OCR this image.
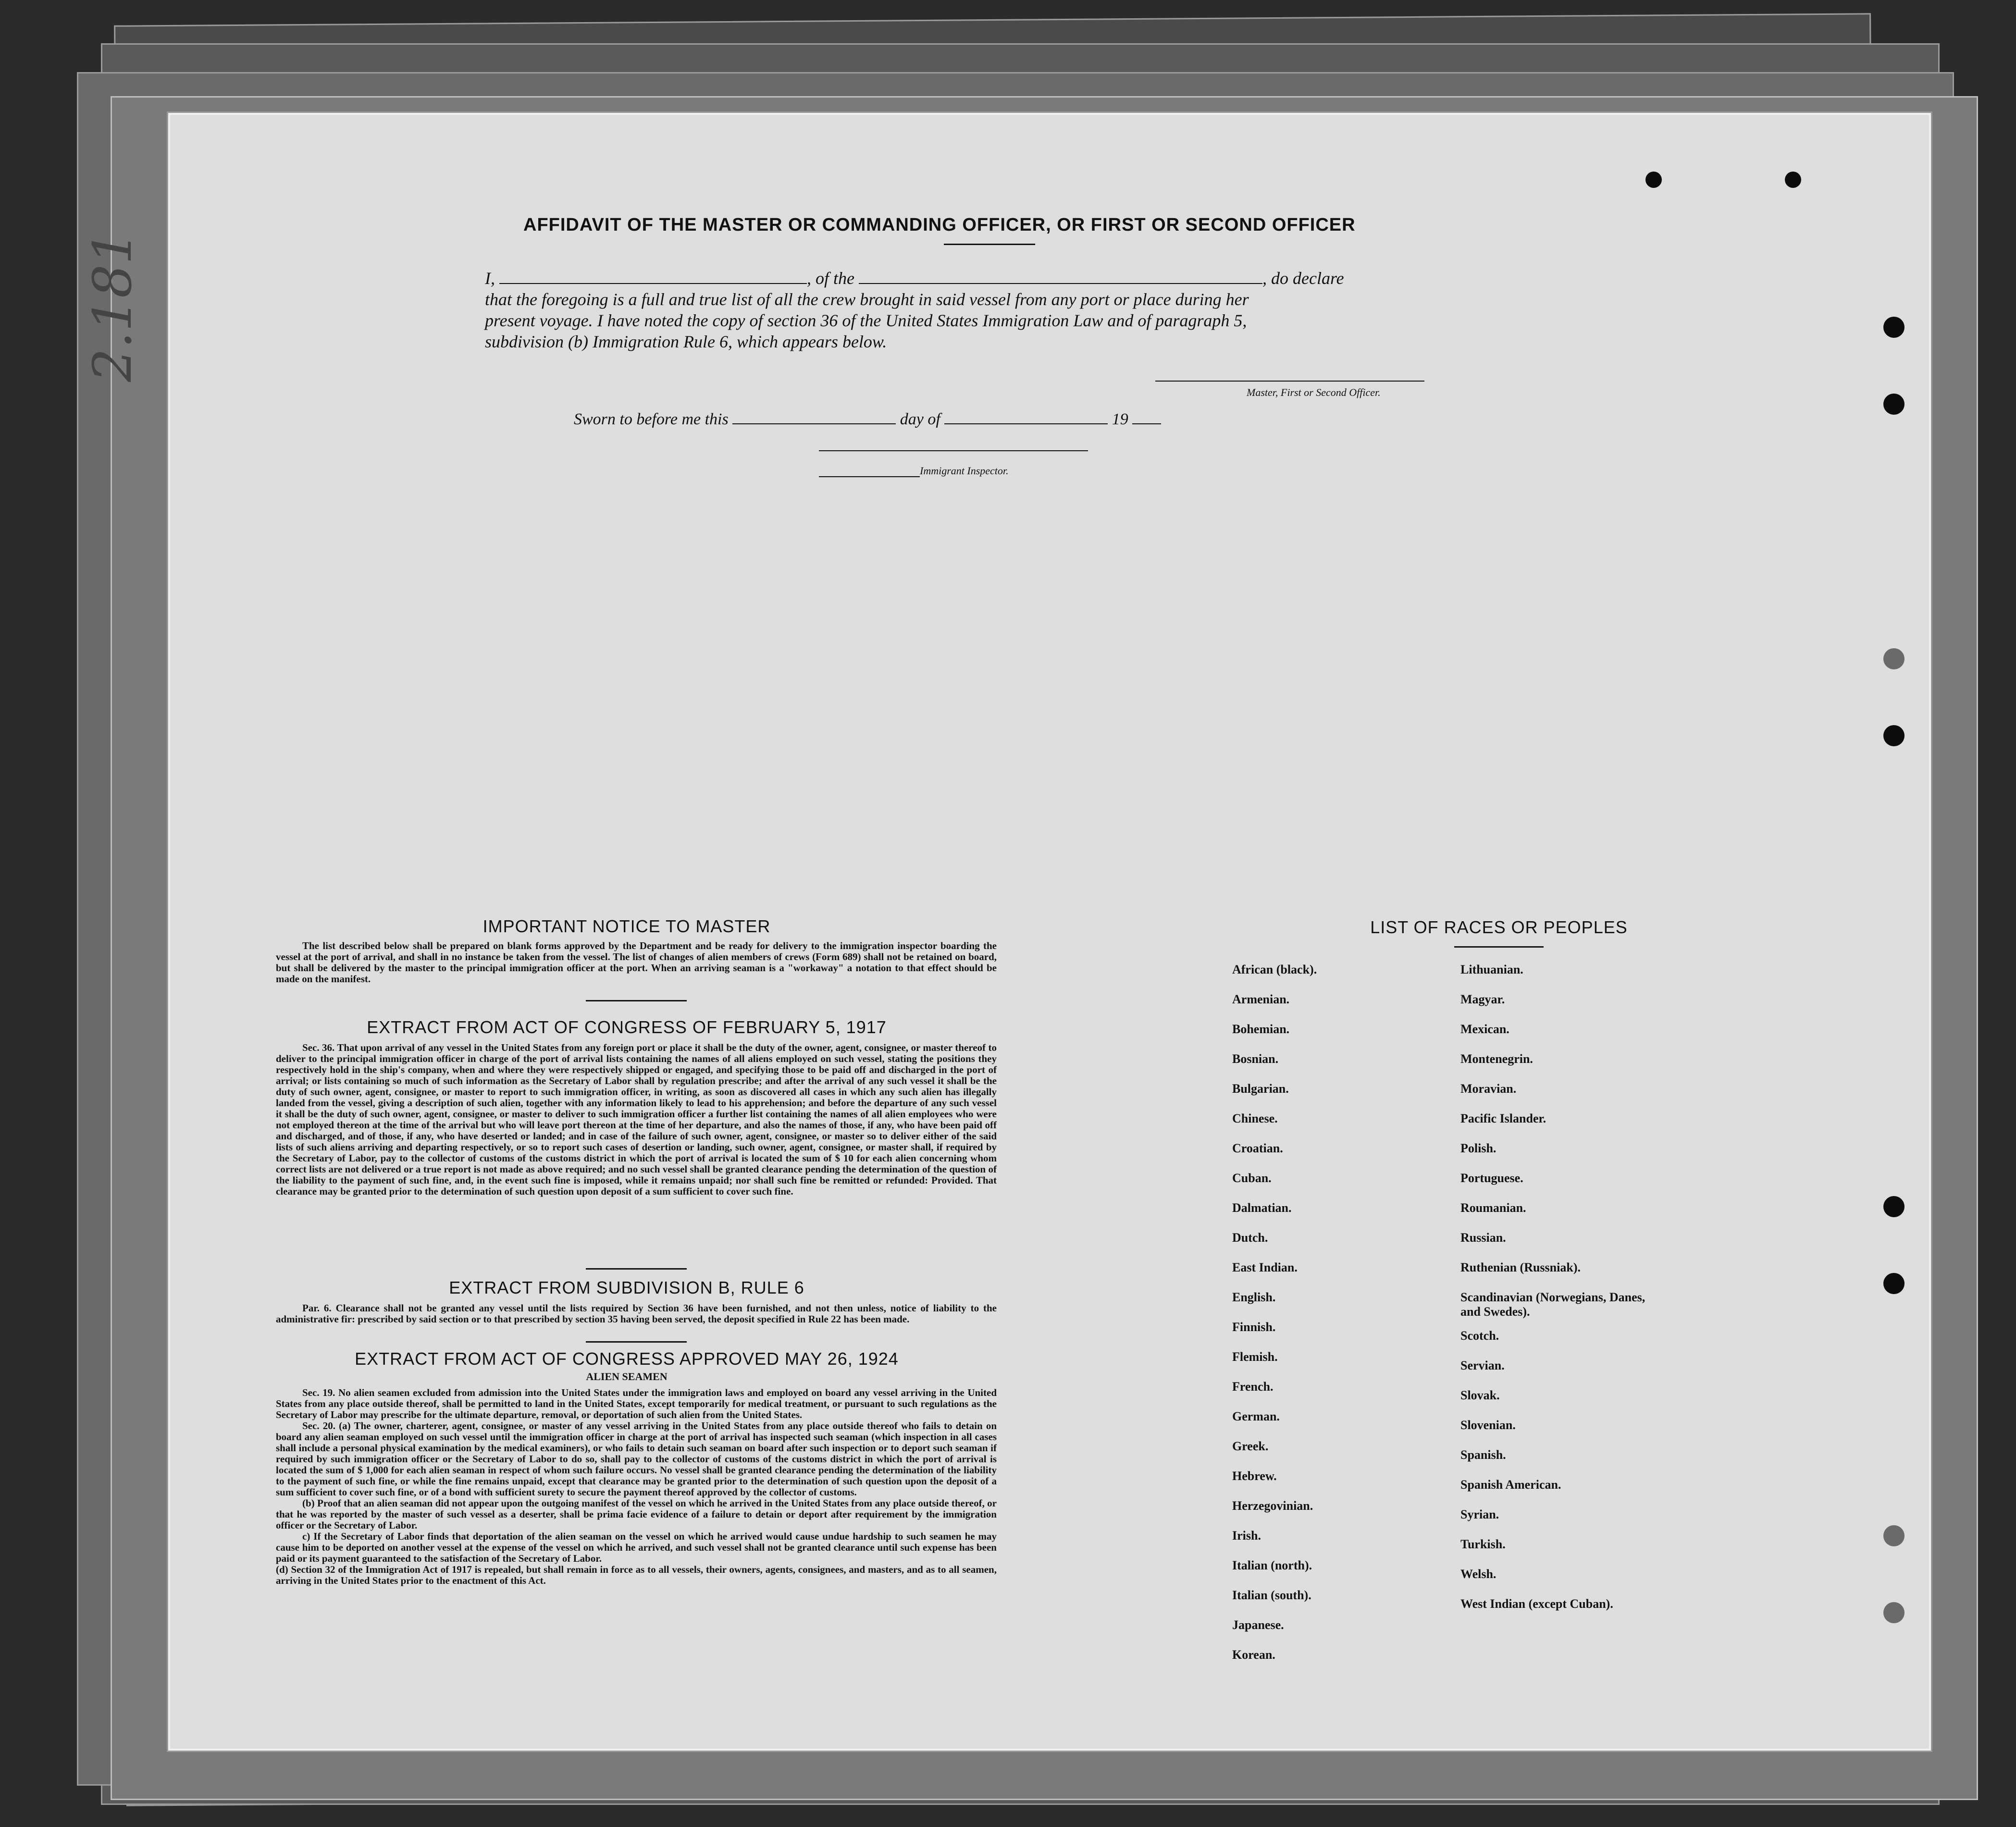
AFFIDAVIT OF THE MASTER OR COMMANDING OFFICER, OR FIRST OR SECOND OFFICER
I,	, of the	, do declare
that the foregoing is a full and true list of all the crew brought in said vessel from any port or place during her
present voyage. I have noted the copy of section 36 of the United States Immigration Law and of paragraph 5,
subdivision (b) Immigration Rule 6, which appears below.
Master, First or Second Officer.
Sworn to before me this	day of	19
Immigrant Inspector.
IMPORTANT NOTICE TO MASTER

The list described below shall be prepared on blank forms approved by the Department and be ready for delivery to the immigration inspector boarding the vessel at the port of arrival, and shall in no instance be taken from the vessel. The list of changes of alien members of crews (Form 689) shall not be retained on board, but shall be delivered by the master to the principal immigration officer at the port. When an arriving seaman is a "workaway" a notation to that effect should be made on the manifest.

EXTRACT FROM ACT OF CONGRESS OF FEBRUARY 5, 1917

Sec. 36. That upon arrival of any vessel in the United States from any foreign port or place it shall be the duty of the owner, agent, consignee, or master thereof to deliver to the principal immigration officer in charge of the port of arrival lists containing the names of all aliens employed on such vessel, stating the positions they respectively hold in the ship's company, when and where they were respectively shipped or engaged, and specifying those to be paid off and discharged in the port of arrival; or lists containing so much of such information as the Secretary of Labor shall by regulation prescribe; and after the arrival of any such vessel it shall be the duty of such owner, agent, consignee, or master to report to such immigration officer, in writing, as soon as discovered all cases in which any such alien has illegally landed from the vessel, giving a description of such alien, together with any information likely to lead to his apprehension; and before the departure of any such vessel it shall be the duty of such owner, agent, consignee, or master to deliver to such immigration officer a further list containing the names of all alien employees who were not employed thereon at the time of the arrival but who will leave port thereon at the time of her departure, and also the names of those, if any, who have been paid off and discharged, and of those, if any, who have deserted or landed; and in case of the failure of such owner, agent, consignee, or master so to deliver either of the said lists of such aliens arriving and departing respectively, or so to report such cases of desertion or landing, such owner, agent, consignee, or master shall, if required by the Secretary of Labor, pay to the collector of customs of the customs district in which the port of arrival is located the sum of $ 10 for each alien concerning whom correct lists are not delivered or a true report is not made as above required; and no such vessel shall be granted clearance pending the determination of the question of the liability to the payment of such fine, and, in the event such fine is imposed, while it remains unpaid; nor shall such fine be remitted or refunded: Provided. That clearance may be granted prior to the determination of such question upon deposit of a sum sufficient to cover such fine.

EXTRACT FROM SUBDIVISION B, RULE 6

Par. 6. Clearance shall not be granted any vessel until the lists required by Section 36 have been furnished, and not then unless, notice of liability to the administrative fir: prescribed by said section or to that prescribed by section 35 having been served, the deposit specified in Rule 22 has been made.

EXTRACT FROM ACT OF CONGRESS APPROVED MAY 26, 1924
ALIEN SEAMEN

Sec. 19. No alien seamen excluded from admission into the United States under the immigration laws and employed on board any vessel arriving in the United States from any place outside thereof, shall be permitted to land in the United States, except temporarily for medical treatment, or pursuant to such regulations as the Secretary of Labor may prescribe for the ultimate departure, removal, or deportation of such alien from the United States.

Sec. 20. (a) The owner, charterer, agent, consignee, or master of any vessel arriving in the United States from any place outside thereof who fails to detain on board any alien seaman employed on such vessel until the immigration officer in charge at the port of arrival has inspected such seaman (which inspection in all cases shall include a personal physical examination by the medical examiners), or who fails to detain such seaman on board after such inspection or to deport such seaman if required by such immigration officer or the Secretary of Labor to do so, shall pay to the collector of customs of the customs district in which the port of arrival is located the sum of $ 1,000 for each alien seaman in respect of whom such failure occurs. No vessel shall be granted clearance pending the determination of the liability to the payment of such fine, or while the fine remains unpaid, except that clearance may be granted prior to the determination of such question upon the deposit of a sum sufficient to cover such fine, or of a bond with sufficient surety to secure the payment thereof approved by the collector of customs.

(b) Proof that an alien seaman did not appear upon the outgoing manifest of the vessel on which he arrived in the United States from any place outside thereof, or that he was reported by the master of such vessel as a deserter, shall be prima facie evidence of a failure to detain or deport after requirement by the immigration officer or the Secretary of Labor.

c) If the Secretary of Labor finds that deportation of the alien seaman on the vessel on which he arrived would cause undue hardship to such seamen he may cause him to be deported on another vessel at the expense of the vessel on which he arrived, and such vessel shall not be granted clearance until such expense has been paid or its payment guaranteed to the satisfaction of the Secretary of Labor.

(d) Section 32 of the Immigration Act of 1917 is repealed, but shall remain in force as to all vessels, their owners, agents, consignees, and masters, and as to all seamen, arriving in the United States prior to the enactment of this Act.

LIST OF RACES OR PEOPLES
African (black).
Armenian.
Bohemian.
Bosnian.
Bulgarian.
Chinese.
Croatian.
Cuban.
Dalmatian.
Dutch.
East Indian.
English.
Finnish.
Flemish.
French.
German.
Greek.
Hebrew.
Herzegovinian.
Irish.
Italian (north).
Italian (south).
Japanese.
Korean.
Lithuanian.
Magyar.
Mexican.
Montenegrin.
Moravian.
Pacific Islander.
Polish.
Portuguese.
Roumanian.
Russian.
Ruthenian (Russniak).
Scandinavian (Norwegians, Danes, and Swedes).
Scotch.
Servian.
Slovak.
Slovenian.
Spanish.
Spanish American.
Syrian.
Turkish.
Welsh.
West Indian (except Cuban).
